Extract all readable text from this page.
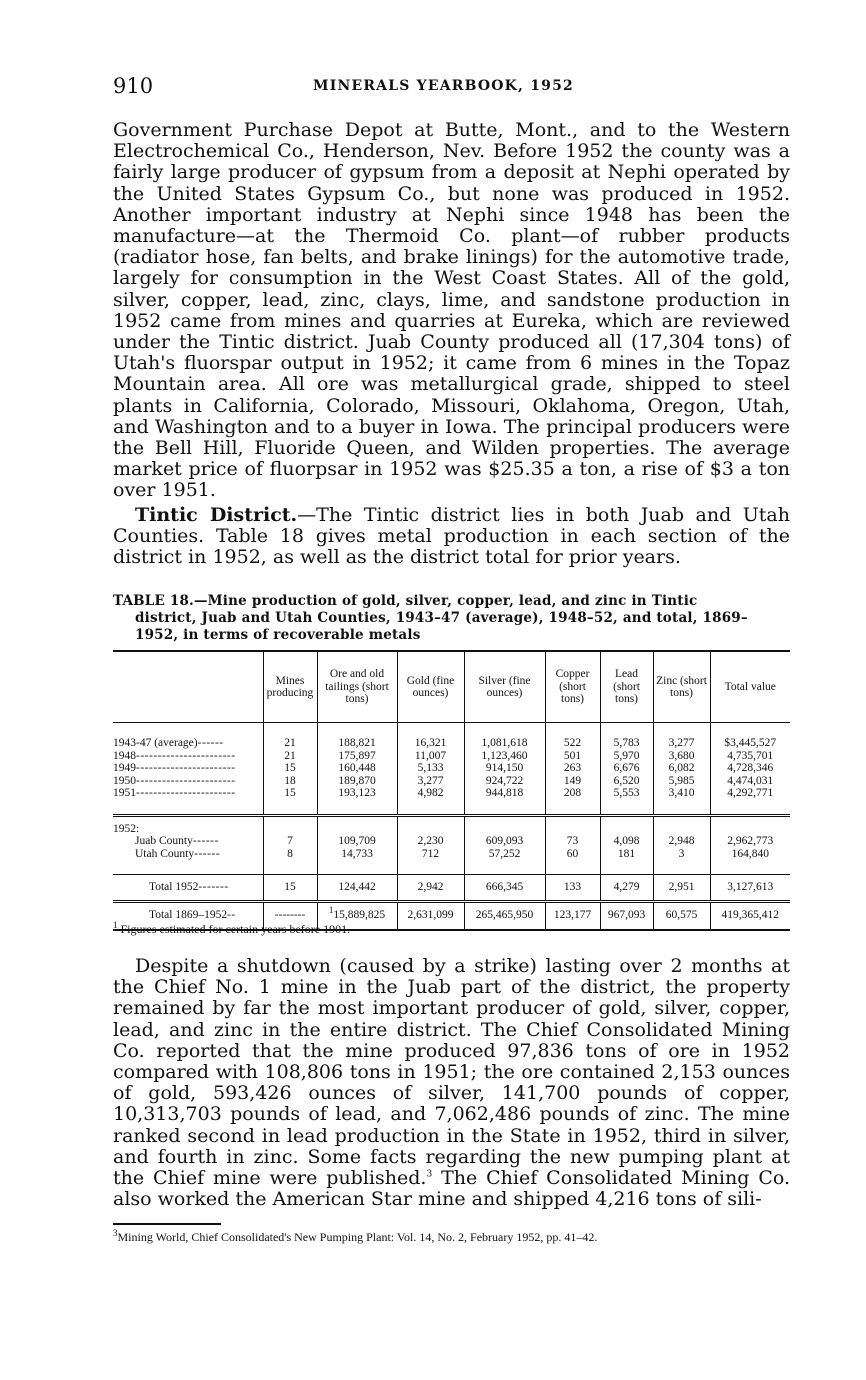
910	MINERALS YEARBOOK, 1952

Government Purchase Depot at Butte, Mont., and to the Western Electrochemical Co., Henderson, Nev. Before 1952 the county was a fairly large producer of gypsum from a deposit at Nephi operated by the United States Gypsum Co., but none was produced in 1952. Another important industry at Nephi since 1948 has been the manufacture—at the Thermoid Co. plant—of rubber products (radiator hose, fan belts, and brake linings) for the automotive trade, largely for consumption in the West Coast States. All of the gold, silver, copper, lead, zinc, clays, lime, and sandstone production in 1952 came from mines and quarries at Eureka, which are reviewed under the Tintic district. Juab County produced all (17,304 tons) of Utah's fluorspar output in 1952; it came from 6 mines in the Topaz Mountain area. All ore was metallurgical grade, shipped to steel plants in California, Colorado, Missouri, Oklahoma, Oregon, Utah, and Washington and to a buyer in Iowa. The principal producers were the Bell Hill, Fluoride Queen, and Wilden properties. The average market price of fluorpsar in 1952 was $25.35 a ton, a rise of $3 a ton over 1951.

Tintic District.—The Tintic district lies in both Juab and Utah Counties. Table 18 gives metal production in each section of the district in 1952, as well as the district total for prior years.

TABLE 18.—Mine production of gold, silver, copper, lead, and zinc in Tintic
district, Juab and Utah Counties, 1943–47 (average), 1948–52, and total, 1869–1952, in terms of recoverable metals
	Mines producing	Ore and old tailings (short tons)	Gold (fine ounces)	Silver (fine ounces)	Copper (short tons)	Lead (short tons)	Zinc (short tons)	Total value

1943-47 (average)------	21	188,821	16,321	1,081,618	522	5,783	3,277	$3,445,527
1948-----------------------	21	175,897	11,007	1,123,460	501	5,970	3,680	4,735,701
1949-----------------------	15	160,448	5,133	914,150	263	6,676	6,082	4,728,346
1950-----------------------	18	189,870	3,277	924,722	149	6,520	5,985	4,474,031
1951-----------------------	15	193,123	4,982	944,818	208	5,553	3,410	4,292,771

1952:								
Juab County------	7	109,709	2,230	609,093	73	4,098	2,948	2,962,773
Utah County------	8	14,733	712	57,252	60	181	3	164,840

Total 1952-------	15	124,442	2,942	666,345	133	4,279	2,951	3,127,613
Total 1869–1952--	--------	$^1$15,889,825	2,631,099	265,465,950	123,177	967,093	60,575	419,365,412
$^1$ Figures estimated for certain years before 1901.

Despite a shutdown (caused by a strike) lasting over 2 months at the Chief No. 1 mine in the Juab part of the district, the property remained by far the most important producer of gold, silver, copper, lead, and zinc in the entire district. The Chief Consolidated Mining Co. reported that the mine produced 97,836 tons of ore in 1952 compared with 108,806 tons in 1951; the ore contained 2,153 ounces of gold, 593,426 ounces of silver, 141,700 pounds of copper, 10,313,703 pounds of lead, and 7,062,486 pounds of zinc. The mine ranked second in lead production in the State in 1952, third in silver, and fourth in zinc. Some facts regarding the new pumping plant at the Chief mine were published.$^3$ The Chief Consolidated Mining Co. also worked the American Star mine and shipped 4,216 tons of sili-

$^3$Mining World, Chief Consolidated's New Pumping Plant: Vol. 14, No. 2, February 1952, pp. 41–42.
